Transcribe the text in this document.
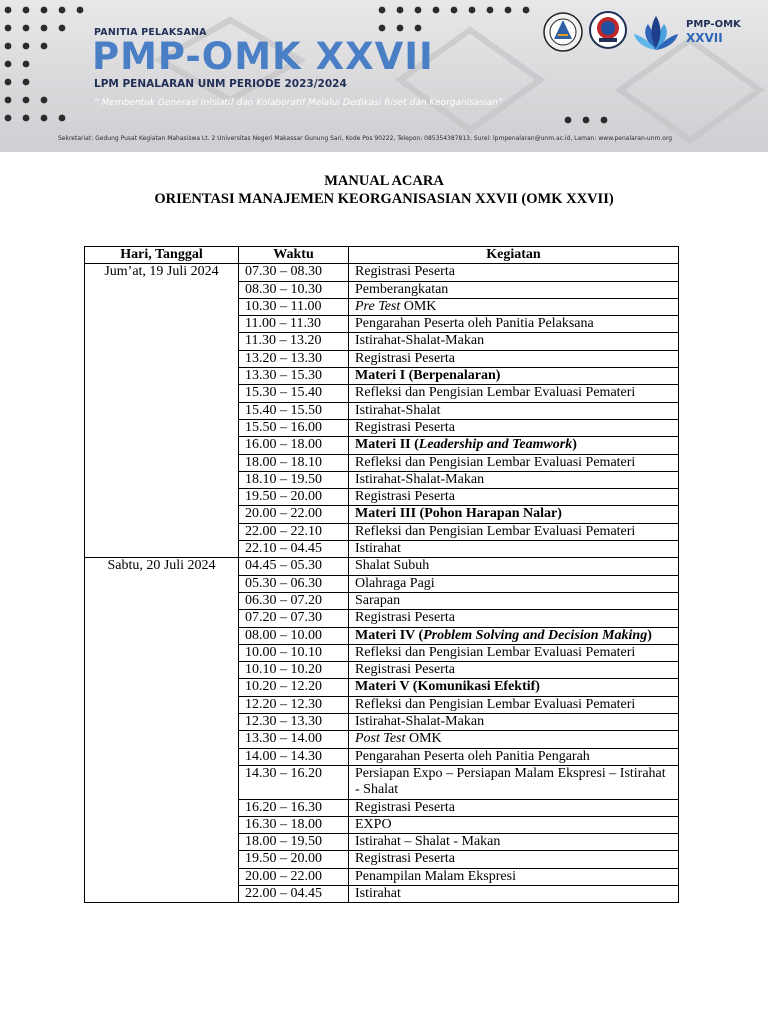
PANITIA PELAKSANA
PMP-OMK XXVII
LPM PENALARAN UNM PERIODE 2023/2024
“ Membentuk Generasi Inisiatif dan Kolaboratif Melalui Dedikasi Riset dan Keorganisasian”
Sekretariat: Gedung Pusat Kegiatan Mahasiswa Lt. 2 Universitas Negeri Makassar Gunung Sari, Kode Pos 90222, Telepon: 085354387813, Surel: lpmpenalaran@unm.ac.id, Laman: www.penalaran-unm.org
PMP-OMK
XXVII
MANUAL ACARA
ORIENTASI MANAJEMEN KEORGANISASIAN XXVII (OMK XXVII)
Hari, Tanggal	Waktu	Kegiatan
Jum’at, 19 Juli 2024	07.30 – 08.30	Registrasi Peserta
	08.30 – 10.30	Pemberangkatan
	10.30 – 11.00	Pre Test OMK
	11.00 – 11.30	Pengarahan Peserta oleh Panitia Pelaksana
	11.30 – 13.20	Istirahat-Shalat-Makan
	13.20 – 13.30	Registrasi Peserta
	13.30 – 15.30	Materi I (Berpenalaran)
	15.30 – 15.40	Refleksi dan Pengisian Lembar Evaluasi Pemateri
	15.40 – 15.50	Istirahat-Shalat
	15.50 – 16.00	Registrasi Peserta
	16.00 – 18.00	Materi II (Leadership and Teamwork)
	18.00 – 18.10	Refleksi dan Pengisian Lembar Evaluasi Pemateri
	18.10 – 19.50	Istirahat-Shalat-Makan
	19.50 – 20.00	Registrasi Peserta
	20.00 – 22.00	Materi III (Pohon Harapan Nalar)
	22.00 – 22.10	Refleksi dan Pengisian Lembar Evaluasi Pemateri
	22.10 – 04.45	Istirahat
Sabtu, 20 Juli 2024	04.45 – 05.30	Shalat Subuh
	05.30 – 06.30	Olahraga Pagi
	06.30 – 07.20	Sarapan
	07.20 – 07.30	Registrasi Peserta
	08.00 – 10.00	Materi IV (Problem Solving and Decision Making)
	10.00 – 10.10	Refleksi dan Pengisian Lembar Evaluasi Pemateri
	10.10 – 10.20	Registrasi Peserta
	10.20 – 12.20	Materi V (Komunikasi Efektif)
	12.20 – 12.30	Refleksi dan Pengisian Lembar Evaluasi Pemateri
	12.30 – 13.30	Istirahat-Shalat-Makan
	13.30 – 14.00	Post Test OMK
	14.00 – 14.30	Pengarahan Peserta oleh Panitia Pengarah
	14.30 – 16.20	Persiapan Expo – Persiapan Malam Ekspresi – Istirahat - Shalat
	16.20 – 16.30	Registrasi Peserta
	16.30 – 18.00	EXPO
	18.00 – 19.50	Istirahat – Shalat - Makan
	19.50 – 20.00	Registrasi Peserta
	20.00 – 22.00	Penampilan Malam Ekspresi
	22.00 – 04.45	Istirahat
